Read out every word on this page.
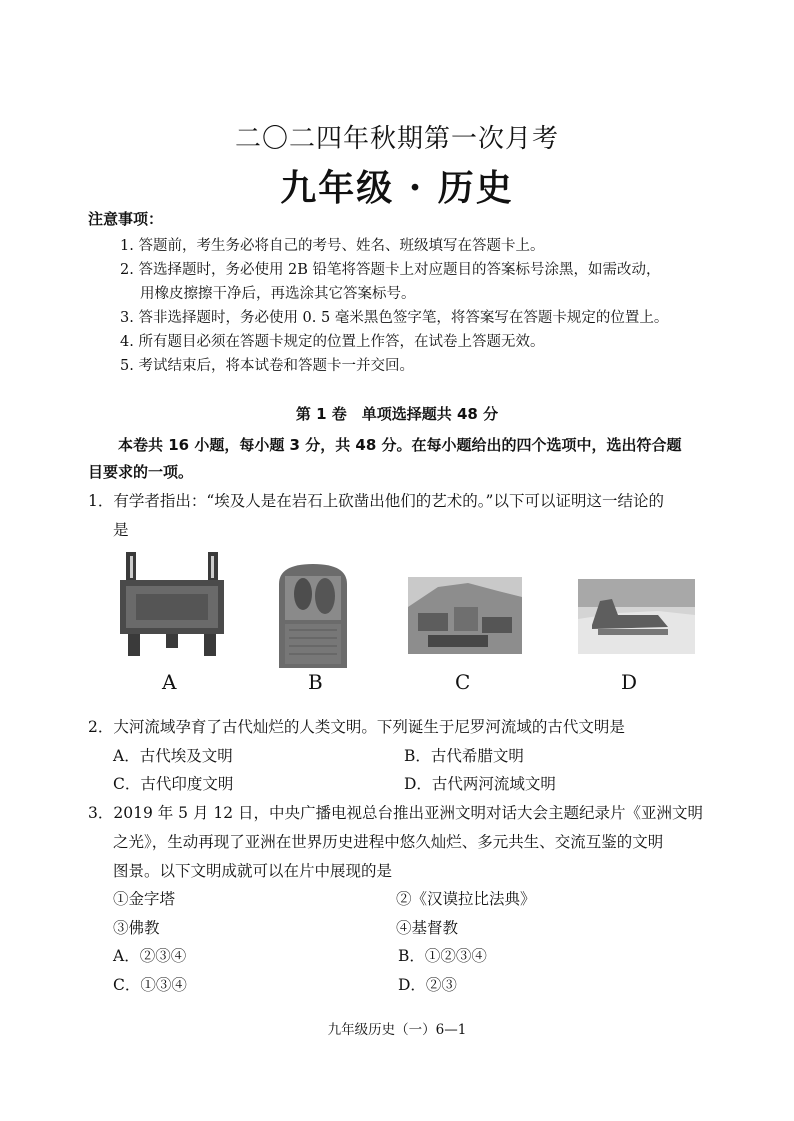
二〇二四年秋期第一次月考
九年级 · 历史
注意事项：
1. 答题前，考生务必将自己的考号、姓名、班级填写在答题卡上。
2. 答选择题时，务必使用 2B 铅笔将答题卡上对应题目的答案标号涂黑，如需改动，
用橡皮擦擦干净后，再选涂其它答案标号。
3. 答非选择题时，务必使用 0. 5 毫米黑色签字笔，将答案写在答题卡规定的位置上。
4. 所有题目必须在答题卡规定的位置上作答，在试卷上答题无效。
5. 考试结束后，将本试卷和答题卡一并交回。
第 1 卷　单项选择题共 48 分
本卷共 16 小题，每小题 3 分，共 48 分。在每小题给出的四个选项中，选出符合题
目要求的一项。
1．有学者指出：“埃及人是在岩石上砍凿出他们的艺术的。”以下可以证明这一结论的
是
A	B	C	D
2．大河流域孕育了古代灿烂的人类文明。下列诞生于尼罗河流域的古代文明是
A．古代埃及文明	B．古代希腊文明
C．古代印度文明	D．古代两河流域文明
3．2019 年 5 月 12 日，中央广播电视总台推出亚洲文明对话大会主题纪录片《亚洲文明
之光》，生动再现了亚洲在世界历史进程中悠久灿烂、多元共生、交流互鉴的文明
图景。以下文明成就可以在片中展现的是
①金字塔	②《汉谟拉比法典》
③佛教	④基督教
A．②③④	B．①②③④
C．①③④	D．②③
九年级历史（一）6—1
